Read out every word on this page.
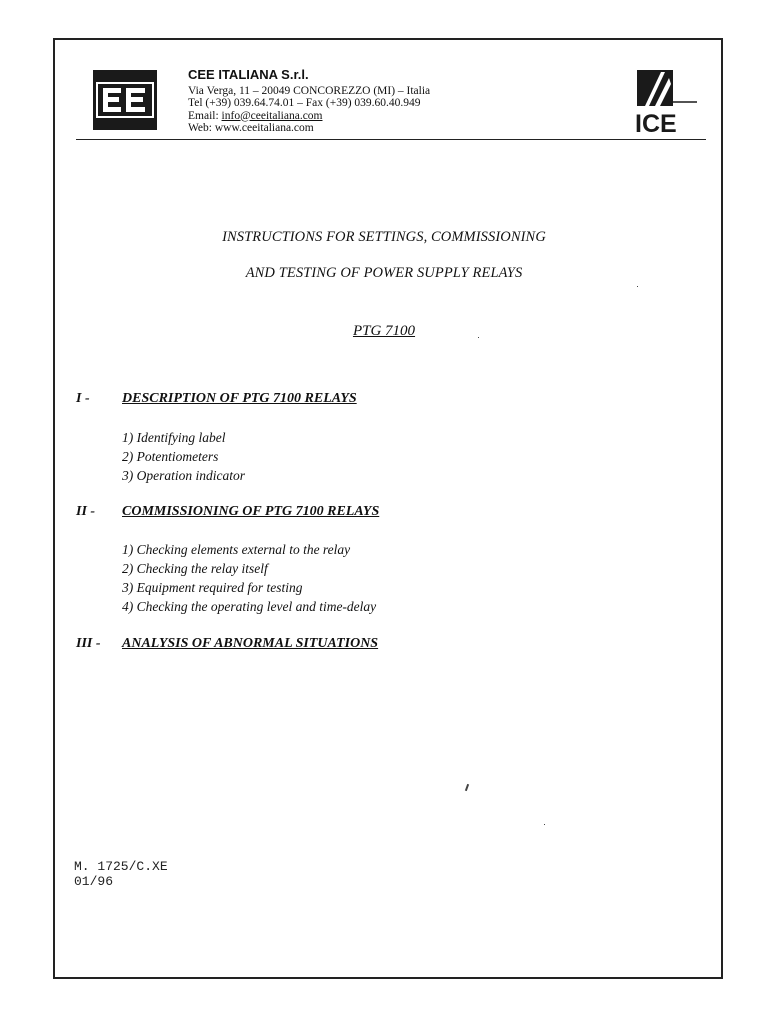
CEE ITALIANA S.r.l.
Via Verga, 11 – 20049 CONCOREZZO (MI) – Italia
Tel (+39) 039.64.74.01 – Fax (+39) 039.60.40.949
Email: info@ceeitaliana.com
Web: www.ceeitaliana.com	ICE
INSTRUCTIONS FOR SETTINGS, COMMISSIONING
AND TESTING OF POWER SUPPLY RELAYS
PTG 7100
I - DESCRIPTION OF PTG 7100 RELAYS
1) Identifying label
2) Potentiometers
3) Operation indicator
II - COMMISSIONING OF PTG 7100 RELAYS
1) Checking elements external to the relay
2) Checking the relay itself
3) Equipment required for testing
4) Checking the operating level and time-delay
III - ANALYSIS OF ABNORMAL SITUATIONS
M. 1725/C.XE
01/96
